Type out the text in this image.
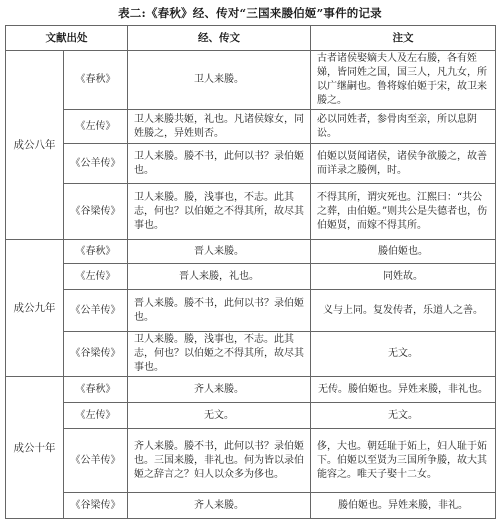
表二:《春秋》经、传对“三国来媵伯姬”事件的记录
文献出处		经、传文	注文
成公八年	《春秋》	卫人来媵。	古者诸侯娶嫡夫人及左右媵，各有姪娣，皆同姓之国，国三人，凡九女，所以广继嗣也。鲁将嫁伯姬于宋，故卫来媵之。
	《左传》	卫人来媵共姬，礼也。凡诸侯嫁女，同姓媵之，异姓则否。	必以同姓者，参骨肉至亲，所以息阴讼。
	《公羊传》	卫人来媵。媵不书，此何以书？录伯姬也。	伯姬以贤闻诸侯，诸侯争欲媵之，故善而详录之媵例，时。
	《谷梁传》	卫人来媵。媵，浅事也，不志。此其志，何也？以伯姬之不得其所，故尽其事也。	不得其所，谓灾死也。江熙曰：“共公之葬，由伯姬。”则共公是失德者也，伤伯姬贤，而嫁不得其所。
成公九年	《春秋》	晋人来媵。	媵伯姬也。
	《左传》	晋人来媵，礼也。	同姓故。
	《公羊传》	晋人来媵。媵不书，此何以书？录伯姬也。	义与上同。复发传者，乐道人之善。
	《谷梁传》	卫人来媵。媵，浅事也，不志。此其志，何也？以伯姬之不得其所，故尽其事也。	无文。
成公十年	《春秋》	齐人来媵。	无传。媵伯姬也。异姓来媵，非礼也。
	《左传》	无文。	无文。
	《公羊传》	齐人来媵。媵不书，此何以书？录伯姬也。三国来媵，非礼也。何为皆以录伯姬之辞言之？妇人以众多为侈也。	侈，大也。朝廷耻于妬上，妇人耻于妬下。伯姬以至贤为三国所争媵，故大其能容之。唯天子娶十二女。
	《谷梁传》	齐人来媵。	媵伯姬也。异姓来媵，非礼。
